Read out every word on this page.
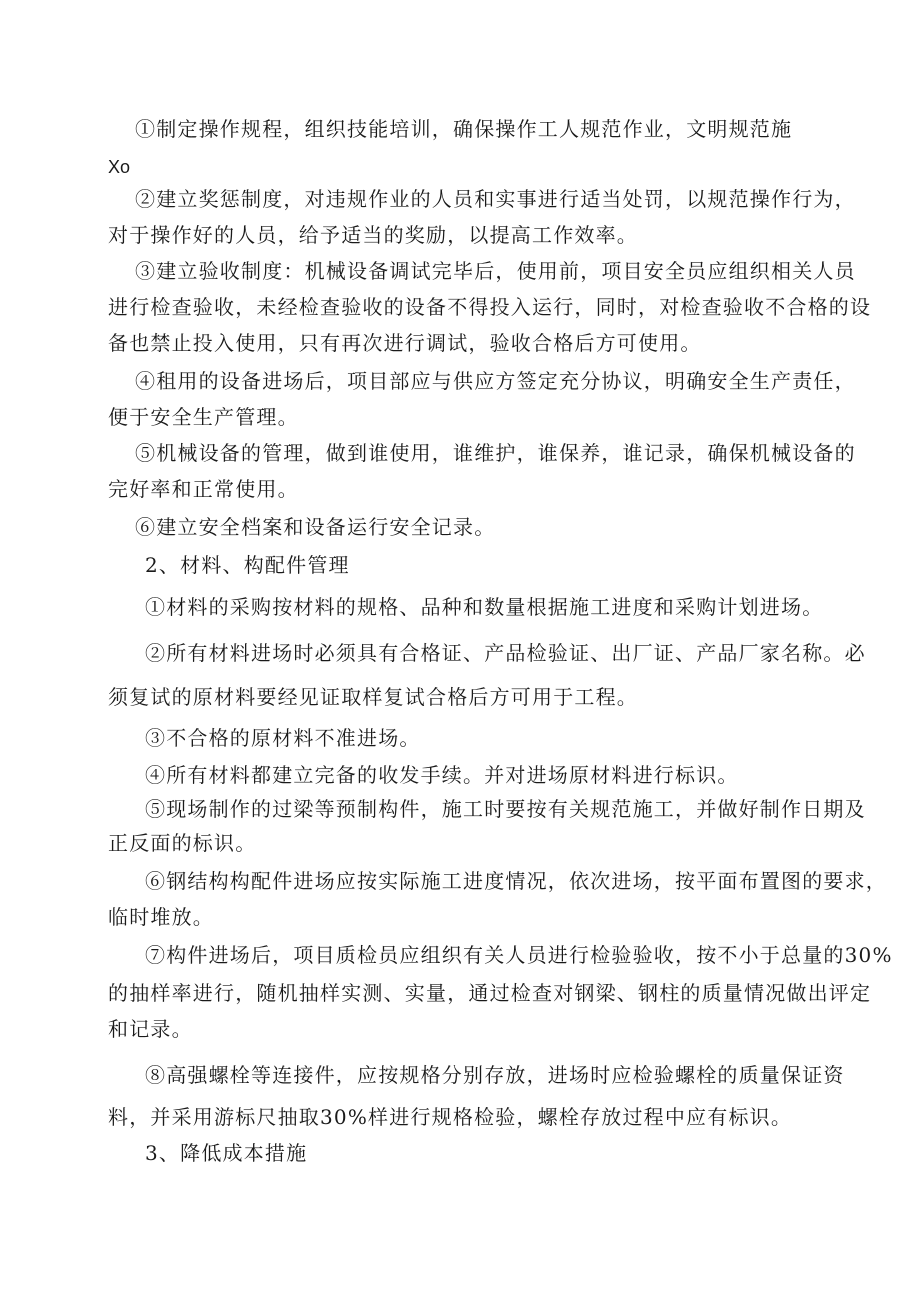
①制定操作规程，组织技能培训，确保操作工人规范作业，文明规范施
Xo
②建立奖惩制度，对违规作业的人员和实事进行适当处罚，以规范操作行为，
对于操作好的人员，给予适当的奖励，以提高工作效率。
③建立验收制度：机械设备调试完毕后，使用前，项目安全员应组织相关人员
进行检查验收，未经检查验收的设备不得投入运行，同时，对检查验收不合格的设
备也禁止投入使用，只有再次进行调试，验收合格后方可使用。
④租用的设备进场后，项目部应与供应方签定充分协议，明确安全生产责任，
便于安全生产管理。
⑤机械设备的管理，做到谁使用，谁维护，谁保养，谁记录，确保机械设备的
完好率和正常使用。
⑥建立安全档案和设备运行安全记录。
2、材料、构配件管理
①材料的采购按材料的规格、品种和数量根据施工进度和采购计划进场。
②所有材料进场时必须具有合格证、产品检验证、出厂证、产品厂家名称。必
须复试的原材料要经见证取样复试合格后方可用于工程。
③不合格的原材料不准进场。
④所有材料都建立完备的收发手续。并对进场原材料进行标识。
⑤现场制作的过梁等预制构件，施工时要按有关规范施工，并做好制作日期及
正反面的标识。
⑥钢结构构配件进场应按实际施工进度情况，依次进场，按平面布置图的要求，
临时堆放。
⑦构件进场后，项目质检员应组织有关人员进行检验验收，按不小于总量的30%
的抽样率进行，随机抽样实测、实量，通过检查对钢梁、钢柱的质量情况做出评定
和记录。
⑧高强螺栓等连接件，应按规格分别存放，进场时应检验螺栓的质量保证资
料，并采用游标尺抽取30%样进行规格检验，螺栓存放过程中应有标识。
3、降低成本措施
